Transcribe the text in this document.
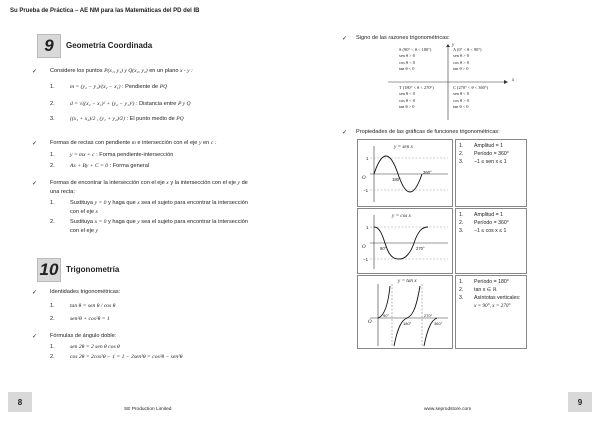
Su Prueba de Práctica – AE NM para las Matemáticas del PD del IB
9	Geometría Coordinada
✓ Considere los puntos P(x₁, y₁) y Q(x₂, y₂) en un plano x - y :
1.	m = (y₂ − y₁)/(x₂ − x₁) : Pendiente de PQ
2.	d = √((x₂ − x₁)² + (y₂ − y₁)²) : Distancia entre P y Q
3.	((x₁ + x₂)/2 , (y₁ + y₂)/2) : El punto medio de PQ
✓ Formas de rectas con pendiente m e intersección con el eje y en c :
1.	y = mx + c : Forma pendiente-intersección
2.	Ax + By + C = 0 : Forma general
✓ Formas de encontrar la intersección con el eje x y la intersección con el eje y de
una recta:
1.	Sustituya y = 0 y haga que x sea el sujeto para encontrar la intersección
con el eje x
2.	Sustituya x = 0 y haga que y sea el sujeto para encontrar la intersección
con el eje y
10 Trigonometría
✓ Identidades trigonométricas:
1.	tan θ = sen θ / cos θ
2.	sen²θ + cos²θ = 1
✓ Fórmulas de ángulo doble:
1.	sen 2θ = 2 sen θ cos θ
2.	cos 2θ = 2cos²θ − 1 = 1 − 2sen²θ = cos²θ − sen²θ
✓ Signo de las razones trigonométricas:
x
y
S (90° < θ < 180°)
sen θ > 0
cos θ < 0
tan θ < 0
A (0° < θ < 90°)
sen θ > 0
cos θ > 0
tan θ > 0
T (180° < θ < 270°)
sen θ < 0
cos θ < 0
tan θ > 0
C (270° < θ < 360°)
sen θ < 0
cos θ > 0
tan θ < 0
✓ Propiedades de las gráficas de funciones trigonométricas:
y = sen x
O
1
−1
180°
360°
y = cos x
O
1
−1
90°	270°
y = tan x
O
90°
180°
270°
360°
1. Amplitud = 1
2. Período = 360°
3. −1 ≤ sen x ≤ 1
1. Amplitud = 1
2. Período = 360°
3. −1 ≤ cos x ≤ 1
1. Período = 180°
2. tan x ∈ ℝ
3. Asíntotas verticales:
x = 90°, x = 270°
8	9
SE Production Limited	www.seprodstore.com
